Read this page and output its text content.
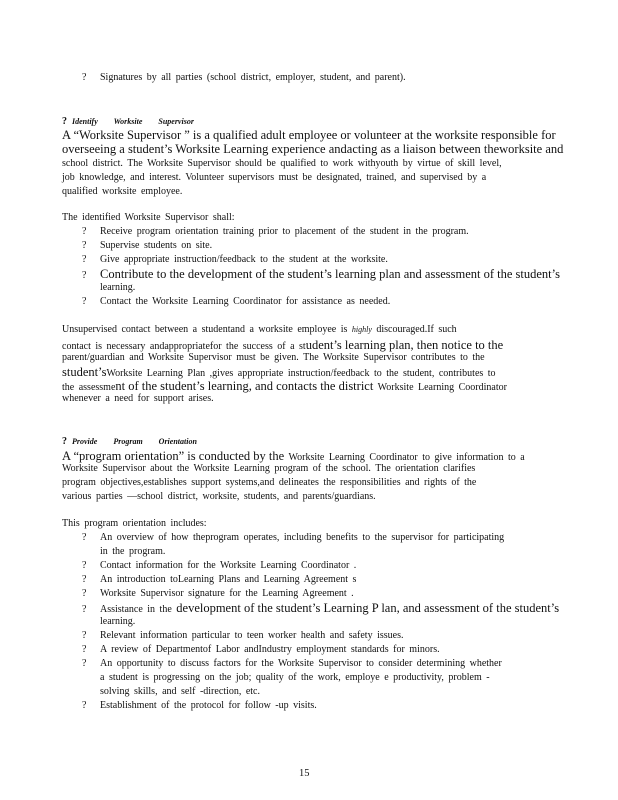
? Signatures by all parties (school district, employer, student, and parent).
? Identify Worksite Supervisor
A “Worksite Supervisor ” is a qualified adult employee or volunteer at the worksite responsible for
overseeing a student’s Worksite Learning experience andacting as a liaison between theworksite and
school district. The Worksite Supervisor should be qualified to work withyouth by virtue of skill level,
job knowledge, and interest. Volunteer supervisors must be designated, trained, and supervised by a
qualified worksite employee.
The identified Worksite Supervisor shall:
? Receive program orientation training prior to placement of the student in the program.
? Supervise students on site.
? Give appropriate instruction/feedback to the student at the worksite.
? Contribute to the development of the student’s learning plan and assessment of the student’s
learning.
? Contact the Worksite Learning Coordinator for assistance as needed.
Unsupervised contact between a studentand a worksite employee is highly discouraged.If such
contact is necessary andappropriatefor the success of a student’s learning plan, then notice to the
parent/guardian and Worksite Supervisor must be given. The Worksite Supervisor contributes to the
student’sWorksite Learning Plan ,gives appropriate instruction/feedback to the student, contributes to
the assessment of the student’s learning, and contacts the district Worksite Learning Coordinator
whenever a need for support arises.
? Provide Program Orientation
A “program orientation” is conducted by the Worksite Learning Coordinator to give information to a
Worksite Supervisor about the Worksite Learning program of the school. The orientation clarifies
program objectives,establishes support systems,and delineates the responsibilities and rights of the
various parties —school district, worksite, students, and parents/guardians.
This program orientation includes:
? An overview of how theprogram operates, including benefits to the supervisor for participating
in the program.
? Contact information for the Worksite Learning Coordinator .
? An introduction toLearning Plans and Learning Agreement s
? Worksite Supervisor signature for the Learning Agreement .
? Assistance in the development of the student’s Learning P lan, and assessment of the student’s
learning.
? Relevant information particular to teen worker health and safety issues.
? A review of Departmentof Labor andIndustry employment standards for minors.
? An opportunity to discuss factors for the Worksite Supervisor to consider determining whether
a student is progressing on the job; quality of the work, employe e productivity, problem -
solving skills, and self -direction, etc.
? Establishment of the protocol for follow -up visits.
15
